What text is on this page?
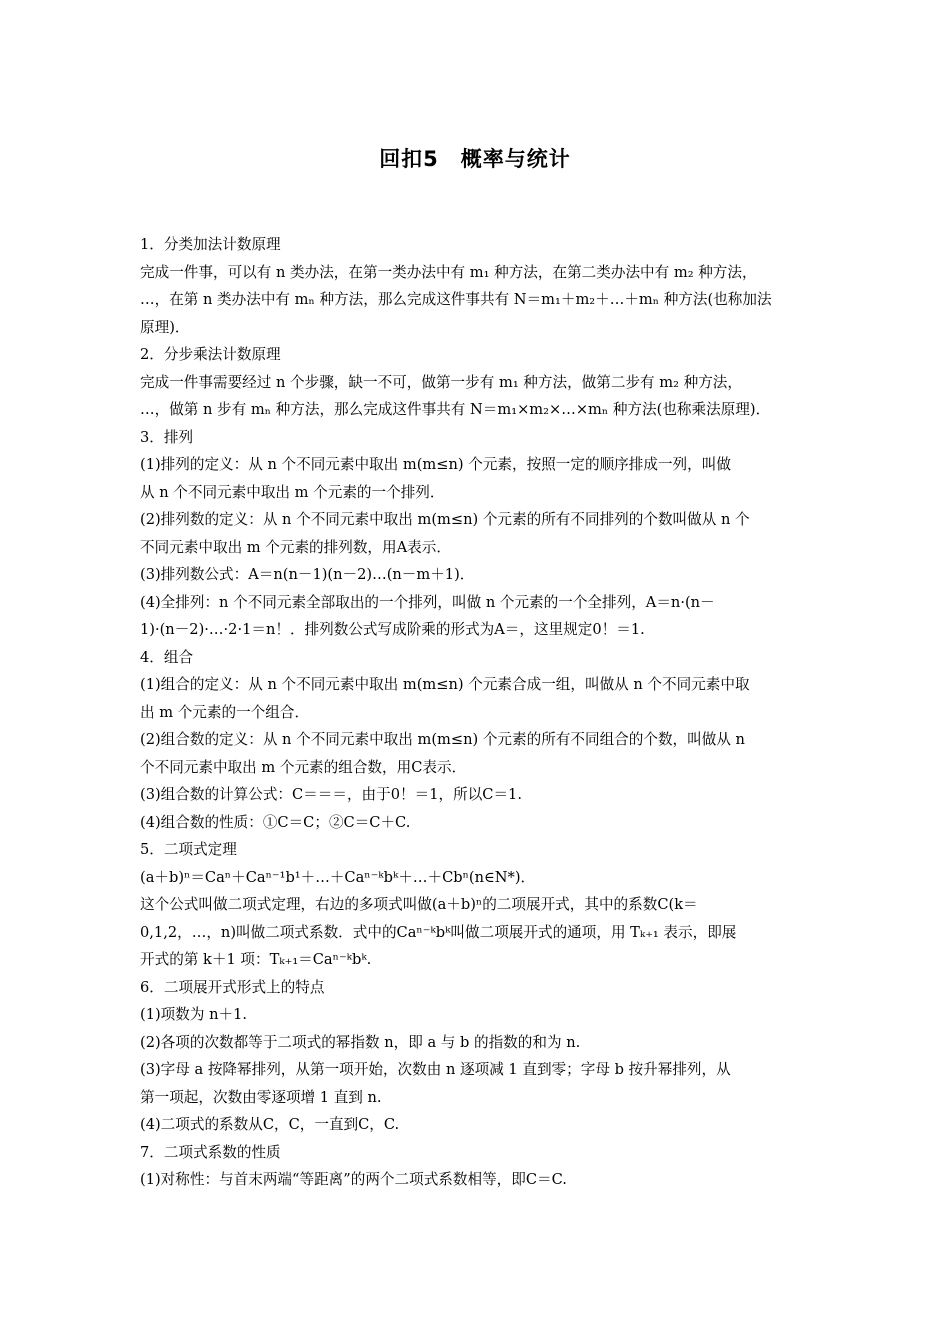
回扣5　概率与统计
1．分类加法计数原理
完成一件事，可以有 n 类办法，在第一类办法中有 m₁ 种方法，在第二类办法中有 m₂ 种方法，
…，在第 n 类办法中有 mₙ 种方法，那么完成这件事共有 N＝m₁＋m₂＋…＋mₙ 种方法(也称加法
原理)．
2．分步乘法计数原理
完成一件事需要经过 n 个步骤，缺一不可，做第一步有 m₁ 种方法，做第二步有 m₂ 种方法，
…，做第 n 步有 mₙ 种方法，那么完成这件事共有 N＝m₁×m₂×…×mₙ 种方法(也称乘法原理)．
3．排列
(1)排列的定义：从 n 个不同元素中取出 m(m≤n) 个元素，按照一定的顺序排成一列，叫做
从 n 个不同元素中取出 m 个元素的一个排列．
(2)排列数的定义：从 n 个不同元素中取出 m(m≤n) 个元素的所有不同排列的个数叫做从 n 个
不同元素中取出 m 个元素的排列数，用A表示．
(3)排列数公式：A＝n(n－1)(n－2)…(n－m＋1)．
(4)全排列：n 个不同元素全部取出的一个排列，叫做 n 个元素的一个全排列，A＝n·(n－
1)·(n－2)·…·2·1＝n！．排列数公式写成阶乘的形式为A＝，这里规定0！＝1.
4．组合
(1)组合的定义：从 n 个不同元素中取出 m(m≤n) 个元素合成一组，叫做从 n 个不同元素中取
出 m 个元素的一个组合．
(2)组合数的定义：从 n 个不同元素中取出 m(m≤n) 个元素的所有不同组合的个数，叫做从 n
个不同元素中取出 m 个元素的组合数，用C表示．
(3)组合数的计算公式：C＝＝＝，由于0！＝1，所以C＝1.
(4)组合数的性质：①C＝C；②C＝C＋C.
5．二项式定理
(a＋b)ⁿ＝Caⁿ＋Caⁿ⁻¹b¹＋…＋Caⁿ⁻ᵏbᵏ＋…＋Cbⁿ(n∈N*)．
这个公式叫做二项式定理，右边的多项式叫做(a＋b)ⁿ的二项展开式，其中的系数C(k＝
0,1,2，…，n)叫做二项式系数．式中的Caⁿ⁻ᵏbᵏ叫做二项展开式的通项，用 Tₖ₊₁ 表示，即展
开式的第 k＋1 项：Tₖ₊₁＝Caⁿ⁻ᵏbᵏ.
6．二项展开式形式上的特点
(1)项数为 n＋1.
(2)各项的次数都等于二项式的幂指数 n，即 a 与 b 的指数的和为 n.
(3)字母 a 按降幂排列，从第一项开始，次数由 n 逐项减 1 直到零；字母 b 按升幂排列，从
第一项起，次数由零逐项增 1 直到 n.
(4)二项式的系数从C，C，一直到C，C.
7．二项式系数的性质
(1)对称性：与首末两端“等距离”的两个二项式系数相等，即C＝C.
